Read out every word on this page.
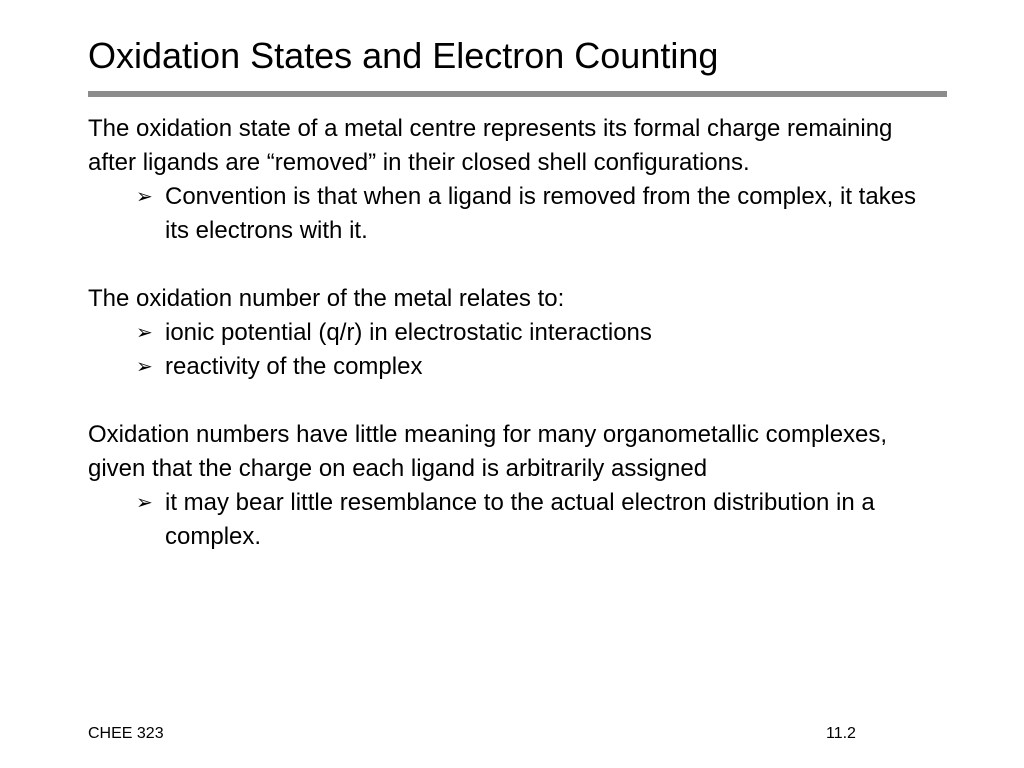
Oxidation States and Electron Counting

The oxidation state of a metal centre represents its formal charge remaining after ligands are “removed” in their closed shell configurations.

➢ Convention is that when a ligand is removed from the complex, it takes its electrons with it.

The oxidation number of the metal relates to:

➢ ionic potential (q/r) in electrostatic interactions

➢ reactivity of the complex

Oxidation numbers have little meaning for many organometallic complexes, given that the charge on each ligand is arbitrarily assigned

➢ it may bear little resemblance to the actual electron distribution in a complex.

CHEE 323	11.2
